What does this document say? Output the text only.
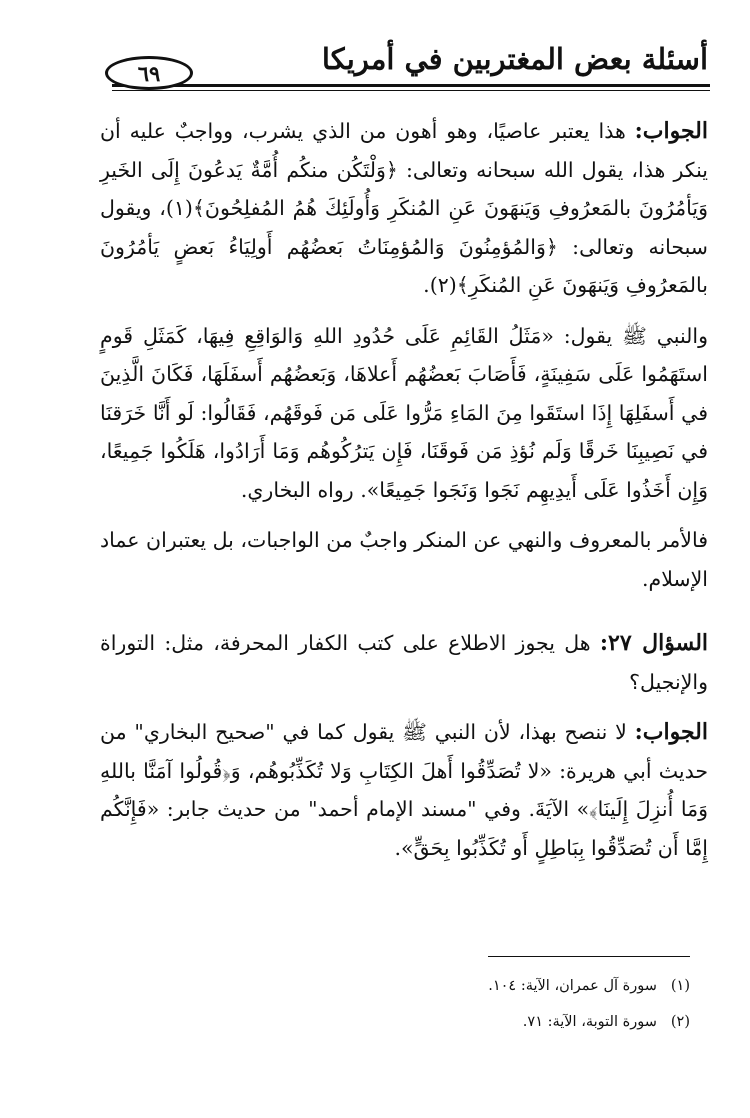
أسئلة بعض المغتربين في أمريكا
٦٩

الجواب: هذا يعتبر عاصيًا، وهو أهون من الذي يشرب، وواجبٌ عليه أن ينكر هذا، يقول الله سبحانه وتعالى: ﴿وَلْتَكُن منكُم أُمَّةٌ يَدعُونَ إِلَى الخَيرِ وَيَأمُرُونَ بالمَعرُوفِ وَيَنهَونَ عَنِ المُنكَرِ وَأُولَئِكَ هُمُ المُفلِحُونَ﴾(١)، ويقول سبحانه وتعالى: ﴿وَالمُؤمِنُونَ وَالمُؤمِنَاتُ بَعضُهُم أَولِيَاءُ بَعضٍ يَأمُرُونَ بالمَعرُوفِ وَيَنهَونَ عَنِ المُنكَرِ﴾(٢).

والنبي ﷺ يقول: «مَثَلُ القَائِمِ عَلَى حُدُودِ اللهِ وَالوَاقِعِ فِيهَا، كَمَثَلِ قَومٍ استَهَمُوا عَلَى سَفِينَةٍ، فَأَصَابَ بَعضُهُم أَعلاهَا، وَبَعضُهُم أَسفَلَهَا، فَكَانَ الَّذِينَ في أَسفَلِهَا إِذَا استَقَوا مِنَ المَاءِ مَرُّوا عَلَى مَن فَوقَهُم، فَقَالُوا: لَو أَنَّا خَرَقنَا في نَصِيبِنَا خَرقًا وَلَم نُؤذِ مَن فَوقَنَا، فَإِن يَترُكُوهُم وَمَا أَرَادُوا، هَلَكُوا جَمِيعًا، وَإِن أَخَذُوا عَلَى أَيدِيهِم نَجَوا وَنَجَوا جَمِيعًا». رواه البخاري.

فالأمر بالمعروف والنهي عن المنكر واجبٌ من الواجبات، بل يعتبران عماد الإسلام.

السؤال ٢٧: هل يجوز الاطلاع على كتب الكفار المحرفة، مثل: التوراة والإنجيل؟

الجواب: لا ننصح بهذا، لأن النبي ﷺ يقول كما في "صحيح البخاري" من حديث أبي هريرة: «لا تُصَدِّقُوا أَهلَ الكِتَابِ وَلا تُكَذِّبُوهُم، وَ﴿قُولُوا آمَنَّا باللهِ وَمَا أُنزِلَ إِلَينَا﴾» الآيَةَ. وفي "مسند الإمام أحمد" من حديث جابر: «فَإِنَّكُم إِمَّا أَن تُصَدِّقُوا بِبَاطِلٍ أَو تُكَذِّبُوا بِحَقٍّ».

(١)سورة آل عمران، الآية: ١٠٤.
(٢)سورة التوبة، الآية: ٧١.
